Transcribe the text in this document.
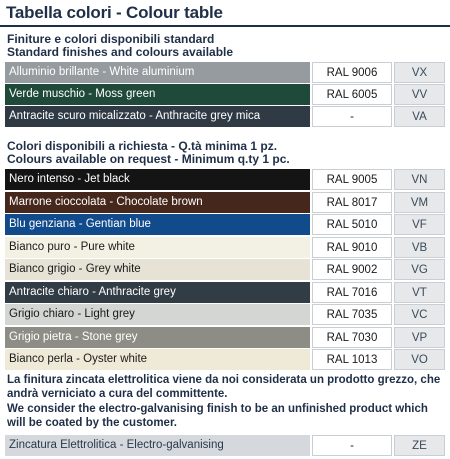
Tabella colori - Colour table

Finiture e colori disponibili standard

Standard finishes and colours available

Alluminio brillante - White aluminium	RAL 9006	VX
Verde muschio - Moss green	RAL 6005	VV
Antracite scuro micalizzato - Anthracite grey mica	-	VA

Colori disponibili a richiesta - Q.tà minima 1 pz.

Colours available on request - Minimum q.ty 1 pc.

Nero intenso - Jet black	RAL 9005	VN
Marrone cioccolata - Chocolate brown	RAL 8017	VM
Blu genziana - Gentian blue	RAL 5010	VF
Bianco puro - Pure white	RAL 9010	VB
Bianco grigio - Grey white	RAL 9002	VG
Antracite chiaro - Anthracite grey	RAL 7016	VT
Grigio chiaro - Light grey	RAL 7035	VC
Grigio pietra - Stone grey	RAL 7030	VP
Bianco perla - Oyster white	RAL 1013	VO

La finitura zincata elettrolitica viene da noi considerata un prodotto grezzo, che andrà verniciato a cura del committente.

We consider the electro-galvanising finish to be an unfinished product which will be coated by the customer.

Zincatura Elettrolitica - Electro-galvanising	-	ZE
